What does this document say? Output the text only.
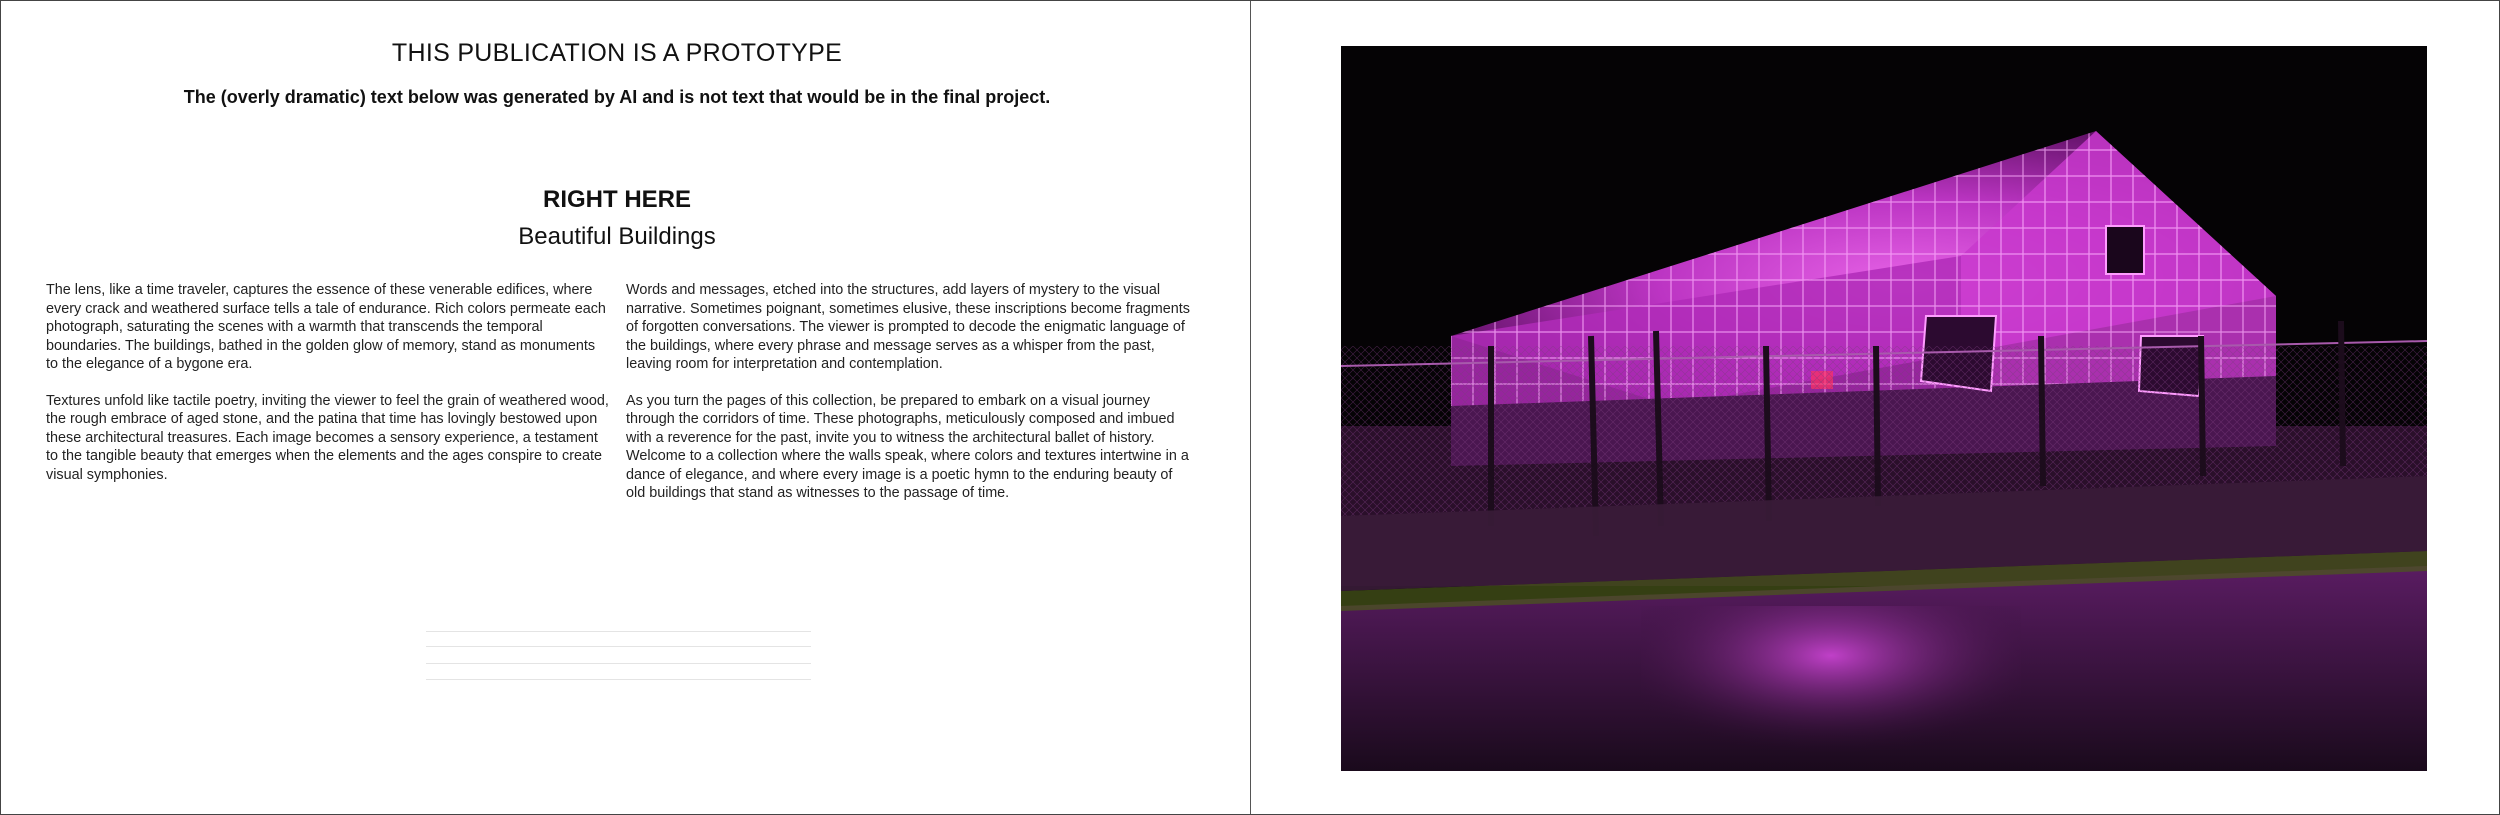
THIS PUBLICATION IS A PROTOTYPE
The (overly dramatic) text below was generated by AI and is not text that would be in the final project.
RIGHT HERE
Beautiful Buildings

The lens, like a time traveler, captures the essence of these venerable edifices, where every crack and weathered surface tells a tale of endurance. Rich colors permeate each photograph, saturating the scenes with a warmth that transcends the temporal boundaries. The buildings, bathed in the golden glow of memory, stand as monuments to the elegance of a bygone era.

Textures unfold like tactile poetry, inviting the viewer to feel the grain of weathered wood, the rough embrace of aged stone, and the patina that time has lovingly bestowed upon these architectural treasures. Each image becomes a sensory experience, a testament to the tangible beauty that emerges when the elements and the ages conspire to create visual symphonies.

Words and messages, etched into the structures, add layers of mystery to the visual narrative. Sometimes poignant, sometimes elusive, these inscriptions become fragments of forgotten conversations. The viewer is prompted to decode the enigmatic language of the buildings, where every phrase and message serves as a whisper from the past, leaving room for interpretation and contemplation.

As you turn the pages of this collection, be prepared to embark on a visual journey through the corridors of time. These photographs, meticulously composed and imbued with a reverence for the past, invite you to witness the architectural ballet of history. Welcome to a collection where the walls speak, where colors and textures intertwine in a dance of elegance, and where every image is a poetic hymn to the enduring beauty of old buildings that stand as witnesses to the passage of time.
